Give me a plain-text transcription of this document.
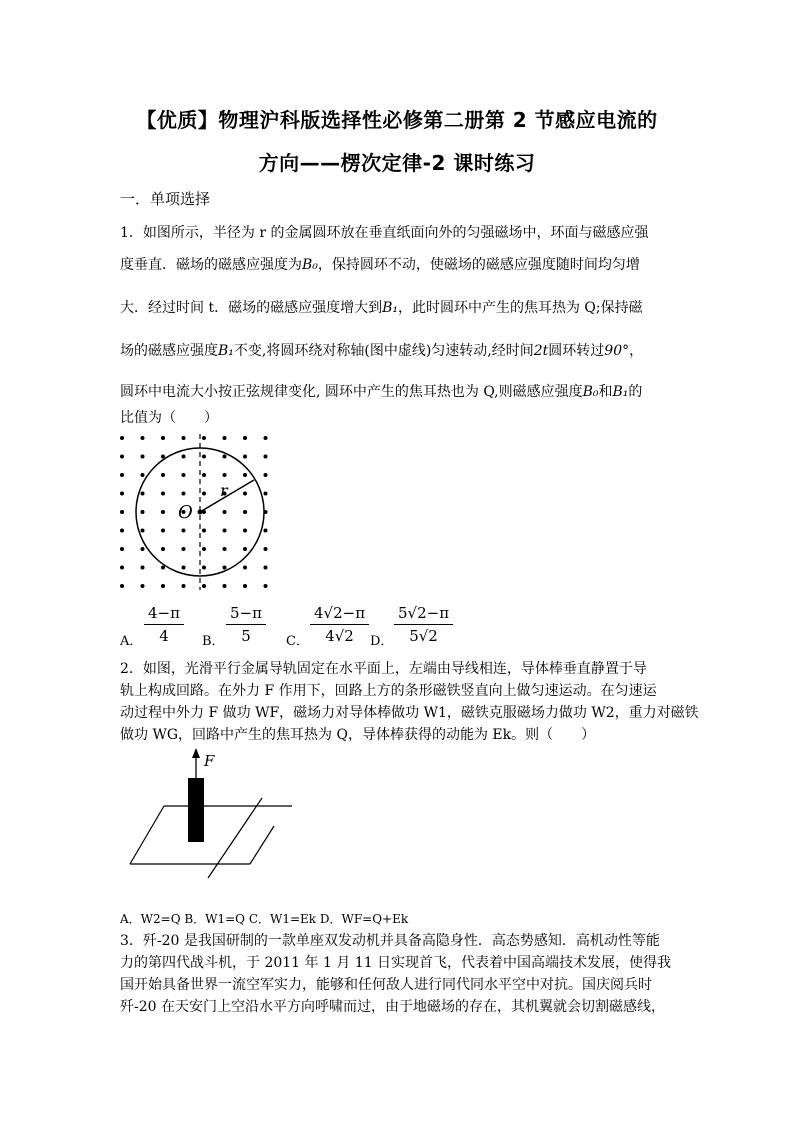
【优质】物理沪科版选择性必修第二册第 2 节感应电流的
方向——楞次定律-2 课时练习
一．单项选择
1．如图所示，半径为 r 的金属圆环放在垂直纸面向外的匀强磁场中，环面与磁感应强
度垂直．磁场的磁感应强度为B₀，保持圆环不动，使磁场的磁感应强度随时间均匀增
大．经过时间 t．磁场的磁感应强度增大到B₁，此时圆环中产生的焦耳热为 Q;保持磁
场的磁感应强度B₁不变,将圆环绕对称轴(图中虚线)匀速转动,经时间2t圆环转过90°，
圆环中电流大小按正弦规律变化, 圆环中产生的焦耳热也为 Q,则磁感应强度B₀和B₁的
比值为（　　）
O
r
A． $\frac{4-\pi}{4}$ B． $\frac{5-\pi}{5}$ C． $\frac{4√2-\pi}{4√2}$ D． $\frac{5√2-\pi}{5√2}$
2．如图，光滑平行金属导轨固定在水平面上，左端由导线相连，导体棒垂直静置于导
轨上构成回路。在外力 F 作用下，回路上方的条形磁铁竖直向上做匀速运动。在匀速运
动过程中外力 F 做功 WF，磁场力对导体棒做功 W1，磁铁克服磁场力做功 W2，重力对磁铁
做功 WG，回路中产生的焦耳热为 Q，导体棒获得的动能为 Ek。则（　　）
F
A．W2=Q B．W1=Q C．W1=Ek D．WF=Q+Ek
3．歼-20 是我国研制的一款单座双发动机并具备高隐身性．高态势感知．高机动性等能
力的第四代战斗机，于 2011 年 1 月 11 日实现首飞，代表着中国高端技术发展，使得我
国开始具备世界一流空军实力，能够和任何敌人进行同代同水平空中对抗。国庆阅兵时
歼-20 在天安门上空沿水平方向呼啸而过，由于地磁场的存在，其机翼就会切割磁感线，
